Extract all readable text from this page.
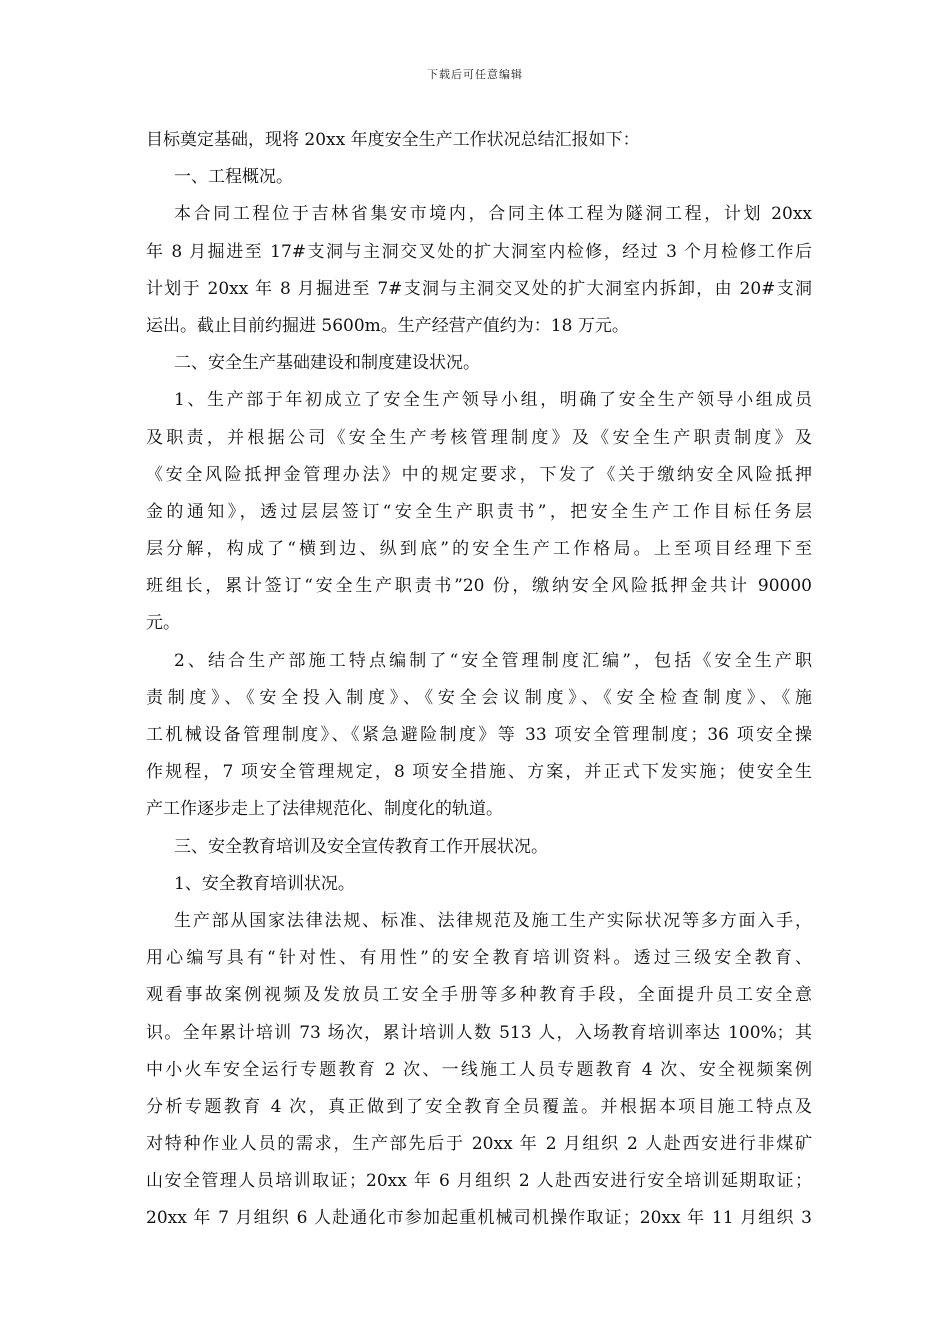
下载后可任意编辑
目标奠定基础，现将 20xx 年度安全生产工作状况总结汇报如下：
一、工程概况。
本合同工程位于吉林省集安市境内，合同主体工程为隧洞工程，计划 20xx
年 8 月掘进至 17#支洞与主洞交叉处的扩大洞室内检修，经过 3 个月检修工作后
计划于 20xx 年 8 月掘进至 7#支洞与主洞交叉处的扩大洞室内拆卸，由 20#支洞
运出。截止目前约掘进 5600m。生产经营产值约为：18 万元。
二、安全生产基础建设和制度建设状况。
1、生产部于年初成立了安全生产领导小组，明确了安全生产领导小组成员
及职责，并根据公司《安全生产考核管理制度》及《安全生产职责制度》及
《安全风险抵押金管理办法》中的规定要求，下发了《关于缴纳安全风险抵押
金的通知》，透过层层签订“安全生产职责书”，把安全生产工作目标任务层
层分解，构成了“横到边、纵到底”的安全生产工作格局。上至项目经理下至
班组长，累计签订“安全生产职责书”20 份，缴纳安全风险抵押金共计 90000
元。
2、结合生产部施工特点编制了“安全管理制度汇编”，包括《安全生产职
责制度》、《安全投入制度》、《安全会议制度》、《安全检查制度》、《施
工机械设备管理制度》、《紧急避险制度》等 33 项安全管理制度；36 项安全操
作规程，7 项安全管理规定，8 项安全措施、方案，并正式下发实施；使安全生
产工作逐步走上了法律规范化、制度化的轨道。
三、安全教育培训及安全宣传教育工作开展状况。
1、安全教育培训状况。
生产部从国家法律法规、标准、法律规范及施工生产实际状况等多方面入手，
用心编写具有“针对性、有用性”的安全教育培训资料。透过三级安全教育、
观看事故案例视频及发放员工安全手册等多种教育手段，全面提升员工安全意
识。全年累计培训 73 场次，累计培训人数 513 人，入场教育培训率达 100%；其
中小火车安全运行专题教育 2 次、一线施工人员专题教育 4 次、安全视频案例
分析专题教育 4 次，真正做到了安全教育全员覆盖。并根据本项目施工特点及
对特种作业人员的需求，生产部先后于 20xx 年 2 月组织 2 人赴西安进行非煤矿
山安全管理人员培训取证；20xx 年 6 月组织 2 人赴西安进行安全培训延期取证；
20xx 年 7 月组织 6 人赴通化市参加起重机械司机操作取证；20xx 年 11 月组织 3
